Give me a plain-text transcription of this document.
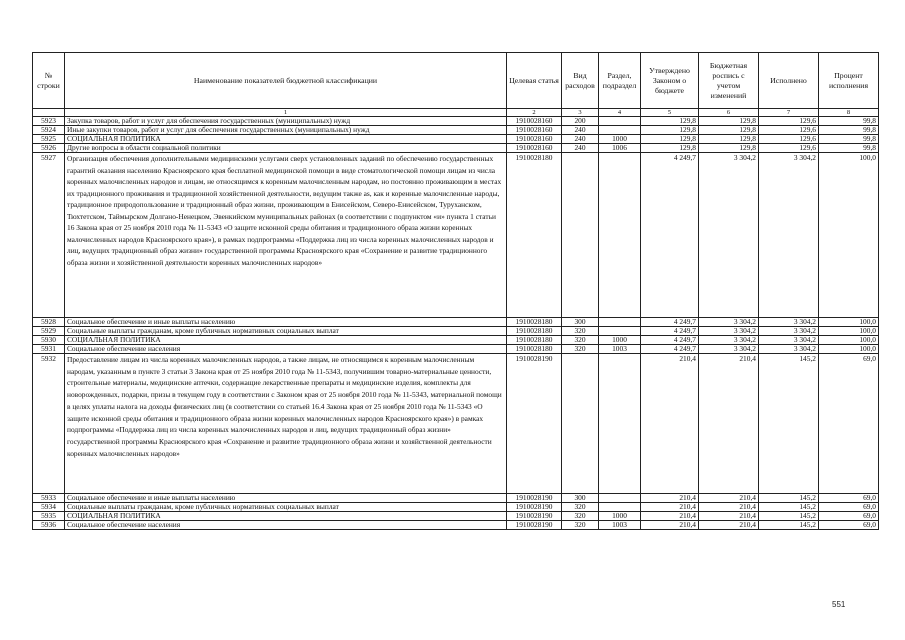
№ строки	Наименование показателей бюджетной классификации	Целевая статья	Вид расходов	Раздел, подраздел	Утверждено Законом о бюджете	Бюджетная роспись с учетом изменений	Исполнено	Процент исполнения
	1	2	3	4	5	6	7	8
5923	Закупка товаров, работ и услуг для обеспечения государственных (муниципальных) нужд	1910028160	200		129,8	129,8	129,6	99,8
5924	Иные закупки товаров, работ и услуг для обеспечения государственных (муниципальных) нужд	1910028160	240		129,8	129,8	129,6	99,8
5925	СОЦИАЛЬНАЯ ПОЛИТИКА	1910028160	240	1000	129,8	129,8	129,6	99,8
5926	Другие вопросы в области социальной политики	1910028160	240	1006	129,8	129,8	129,6	99,8
5927	Организация обеспечения дополнительными медицинскими услугами сверх установленных заданий по обеспечению государственных гарантий оказания населению Красноярского края бесплатной медицинской помощи в виде стоматологической помощи лицам из числа коренных малочисленных народов и лицам, не относящимся к коренным малочисленным народам, но постоянно проживающим в местах их традиционного проживания и традиционной хозяйственной деятельности, ведущим также as, как и коренные малочисленные народы, традиционное природопользование и традиционный образ жизни, проживающим в Енисейском, Северо-Енисейском, Туруханском, Тюхтетском, Таймырском Долгано-Ненецком, Эвенкийском муниципальных районах (в соответствии с подпунктом «и» пункта 1 статьи 16 Закона края от 25 ноября 2010 года № 11-5343 «О защите исконной среды обитания и традиционного образа жизни коренных малочисленных народов Красноярского края»), в рамках подпрограммы «Поддержка лиц из числа коренных малочисленных народов и лиц, ведущих традиционный образ жизни» государственной программы Красноярского края «Сохранение и развитие традиционного образа жизни и хозяйственной деятельности коренных малочисленных народов»	1910028180			4 249,7	3 304,2	3 304,2	100,0
5928	Социальное обеспечение и иные выплаты населению	1910028180	300		4 249,7	3 304,2	3 304,2	100,0
5929	Социальные выплаты гражданам, кроме публичных нормативных социальных выплат	1910028180	320		4 249,7	3 304,2	3 304,2	100,0
5930	СОЦИАЛЬНАЯ ПОЛИТИКА	1910028180	320	1000	4 249,7	3 304,2	3 304,2	100,0
5931	Социальное обеспечение населения	1910028180	320	1003	4 249,7	3 304,2	3 304,2	100,0
5932	Предоставление лицам из числа коренных малочисленных народов, а также лицам, не относящимся к коренным малочисленным народам, указанным в пункте 3 статьи 3 Закона края от 25 ноября 2010 года № 11-5343, получившим товарно-материальные ценности, строительные материалы, медицинские аптечки, содержащие лекарственные препараты и медицинские изделия, комплекты для новорожденных, подарки, призы в текущем году в соответствии с Законом края от 25 ноября 2010 года № 11-5343, материальной помощи в целях уплаты налога на доходы физических лиц (в соответствии со статьей 16.4 Закона края от 25 ноября 2010 года № 11-5343 «О защите исконной среды обитания и традиционного образа жизни коренных малочисленных народов Красноярского края») в рамках подпрограммы «Поддержка лиц из числа коренных малочисленных народов и лиц, ведущих традиционный образ жизни» государственной программы Красноярского края «Сохранение и развитие традиционного образа жизни и хозяйственной деятельности коренных малочисленных народов»	1910028190			210,4	210,4	145,2	69,0
5933	Социальное обеспечение и иные выплаты населению	1910028190	300		210,4	210,4	145,2	69,0
5934	Социальные выплаты гражданам, кроме публичных нормативных социальных выплат	1910028190	320		210,4	210,4	145,2	69,0
5935	СОЦИАЛЬНАЯ ПОЛИТИКА	1910028190	320	1000	210,4	210,4	145,2	69,0
5936	Социальное обеспечение населения	1910028190	320	1003	210,4	210,4	145,2	69,0
551
